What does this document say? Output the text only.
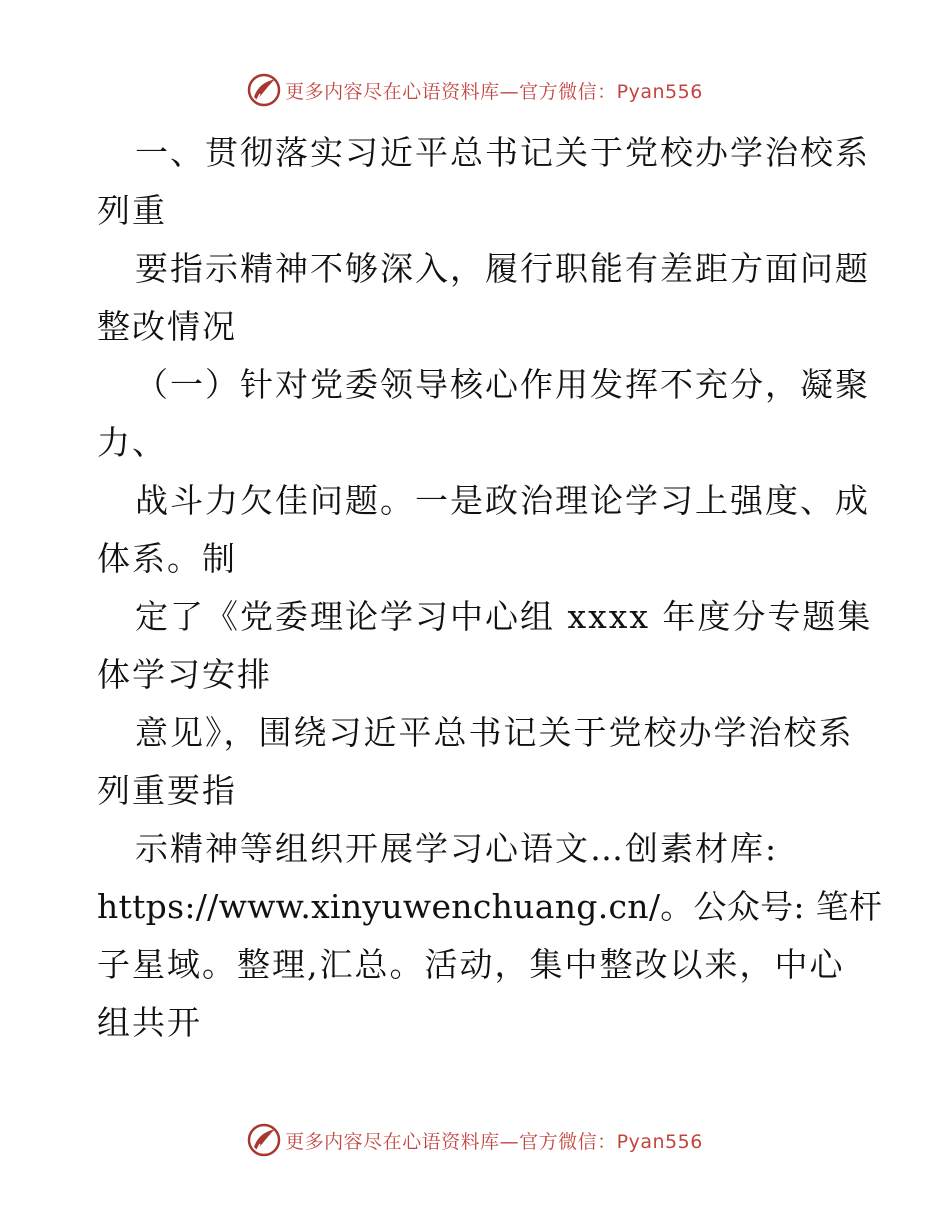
更多内容尽在心语资料库—官方微信：Pyan556
一、贯彻落实习近平总书记关于党校办学治校系
列重
要指示精神不够深入，履行职能有差距方面问题
整改情况
（一）针对党委领导核心作用发挥不充分，凝聚
力、
战斗力欠佳问题。一是政治理论学习上强度、成
体系。制
定了《党委理论学习中心组 xxxx 年度分专题集
体学习安排
意见》，围绕习近平总书记关于党校办学治校系
列重要指
示精神等组织开展学习心语文…创素材库:
https://www.xinyuwenchuang.cn/。公众号: 笔杆
子星域。整理,汇总。活动，集中整改以来，中心
组共开
更多内容尽在心语资料库—官方微信：Pyan556
